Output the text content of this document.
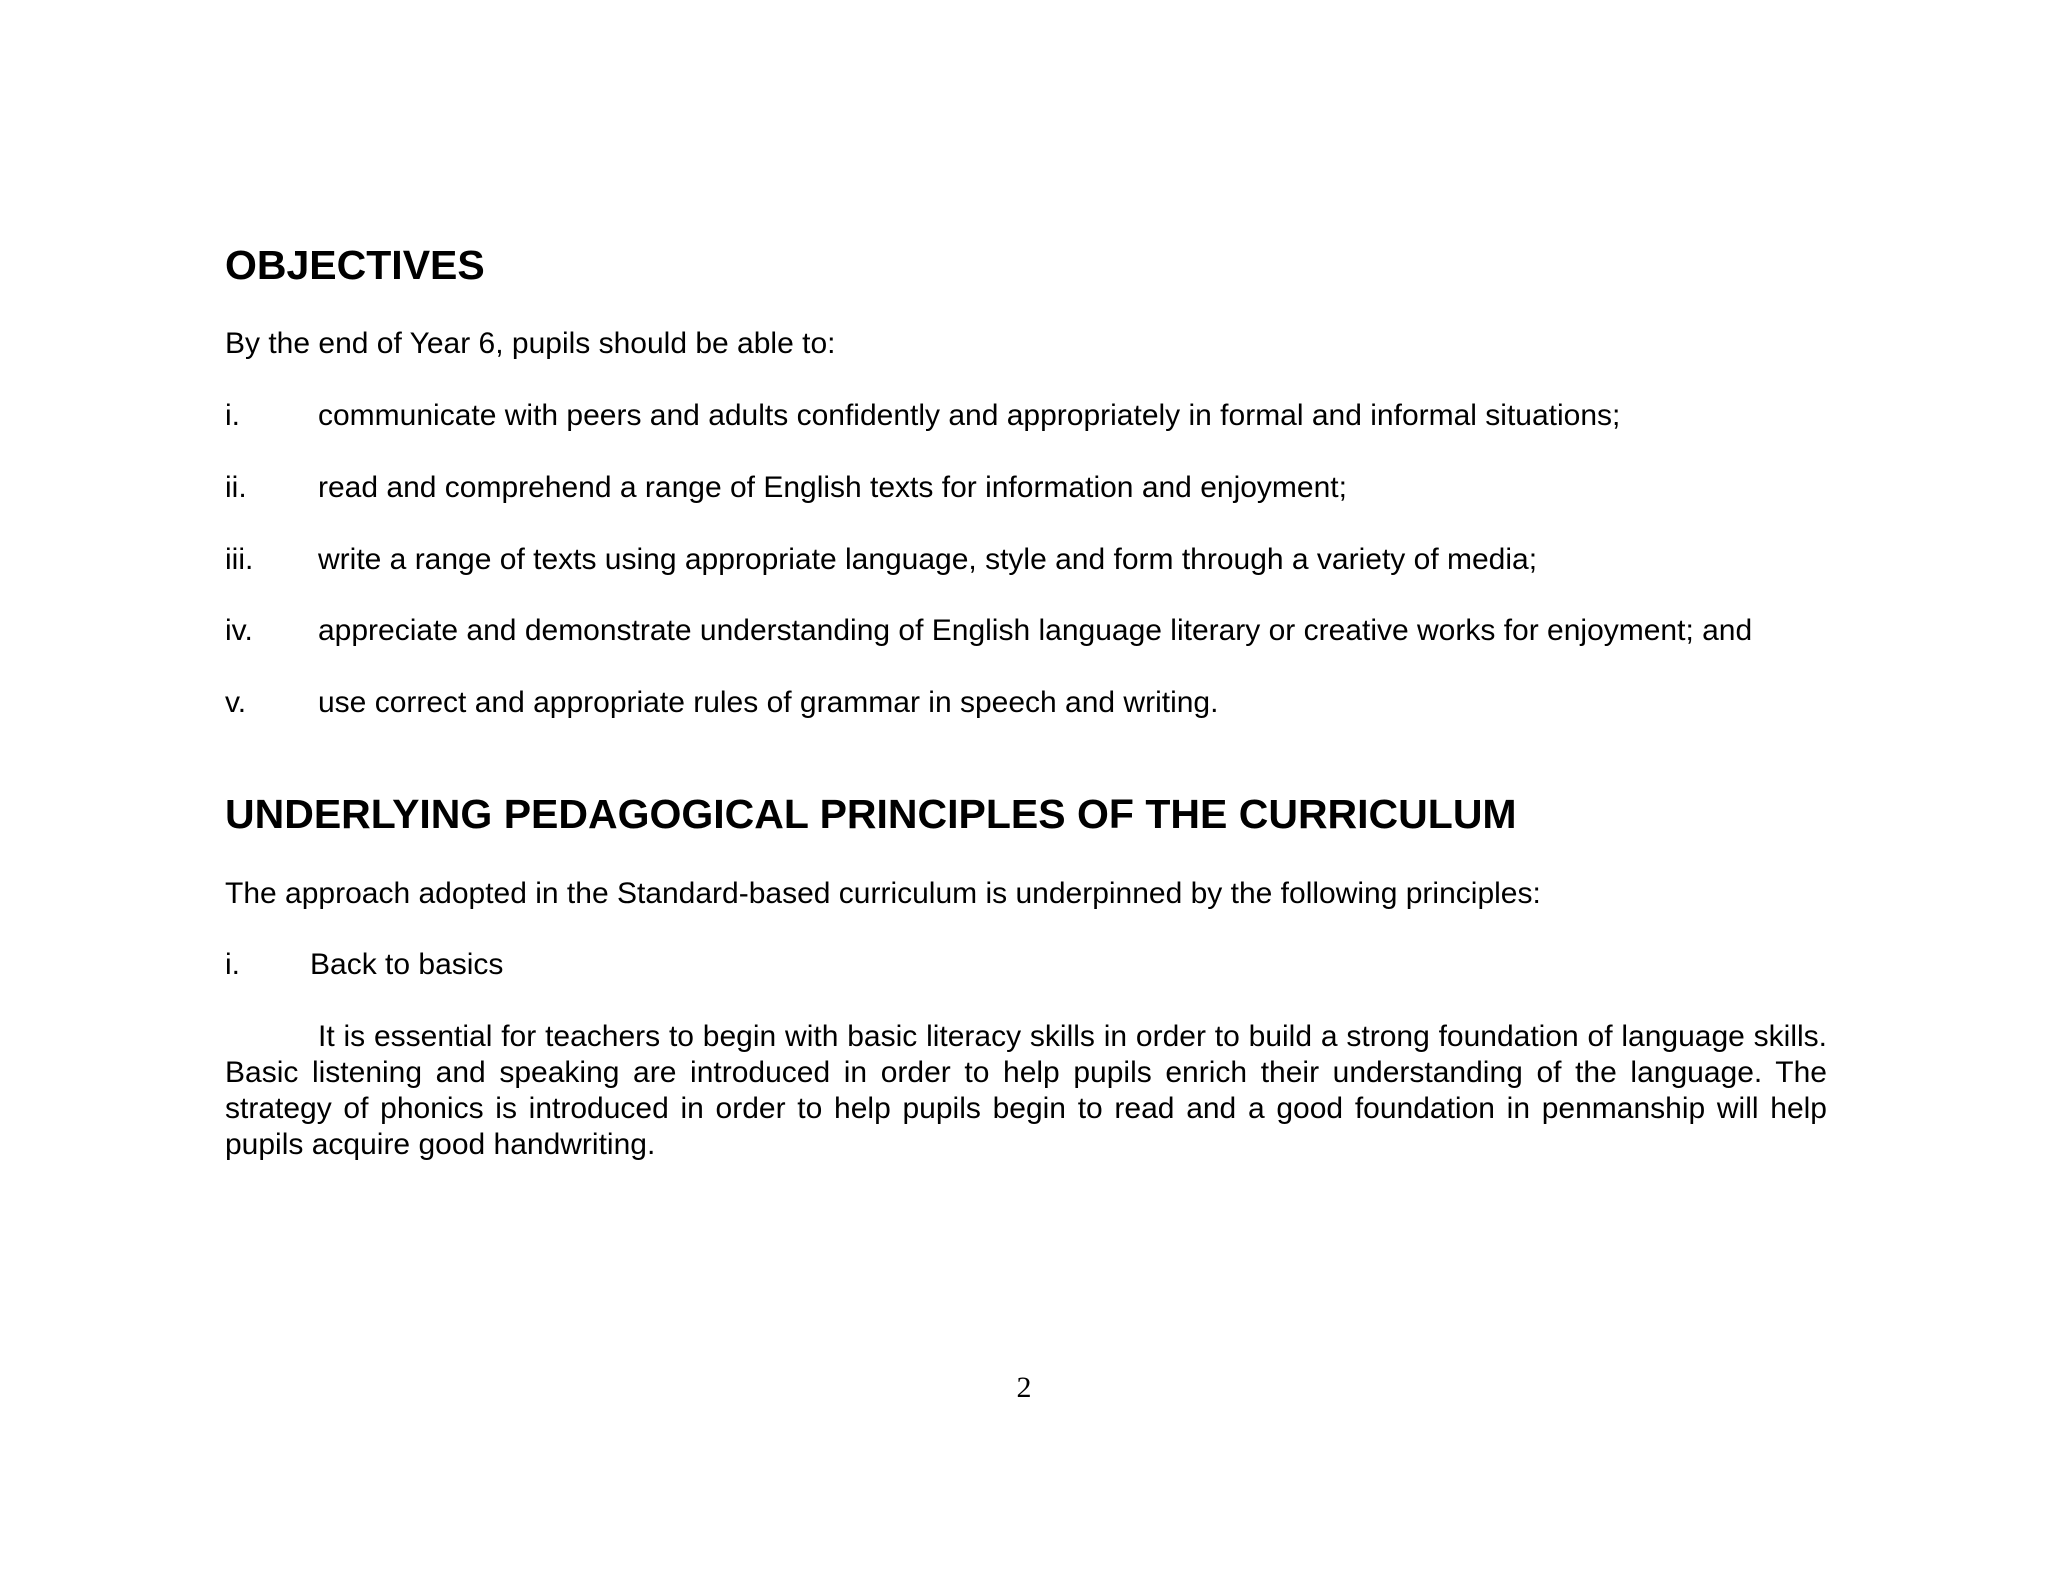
OBJECTIVES

By the end of Year 6, pupils should be able to:

i.	communicate with peers and adults confidently and appropriately in formal and informal situations;
ii. read and comprehend a range of English texts for information and enjoyment;
iii. write a range of texts using appropriate language, style and form through a variety of media;
iv. appreciate and demonstrate understanding of English language literary or creative works for enjoyment; and
v. use correct and appropriate rules of grammar in speech and writing.
UNDERLYING PEDAGOGICAL PRINCIPLES OF THE CURRICULUM

The approach adopted in the Standard-based curriculum is underpinned by the following principles:

i. Back to basics

It is essential for teachers to begin with basic literacy skills in order to build a strong foundation of language skills. Basic listening and speaking are introduced in order to help pupils enrich their understanding of the language. The strategy of phonics is introduced in order to help pupils begin to read and a good foundation in penmanship will help pupils acquire good handwriting.

2
